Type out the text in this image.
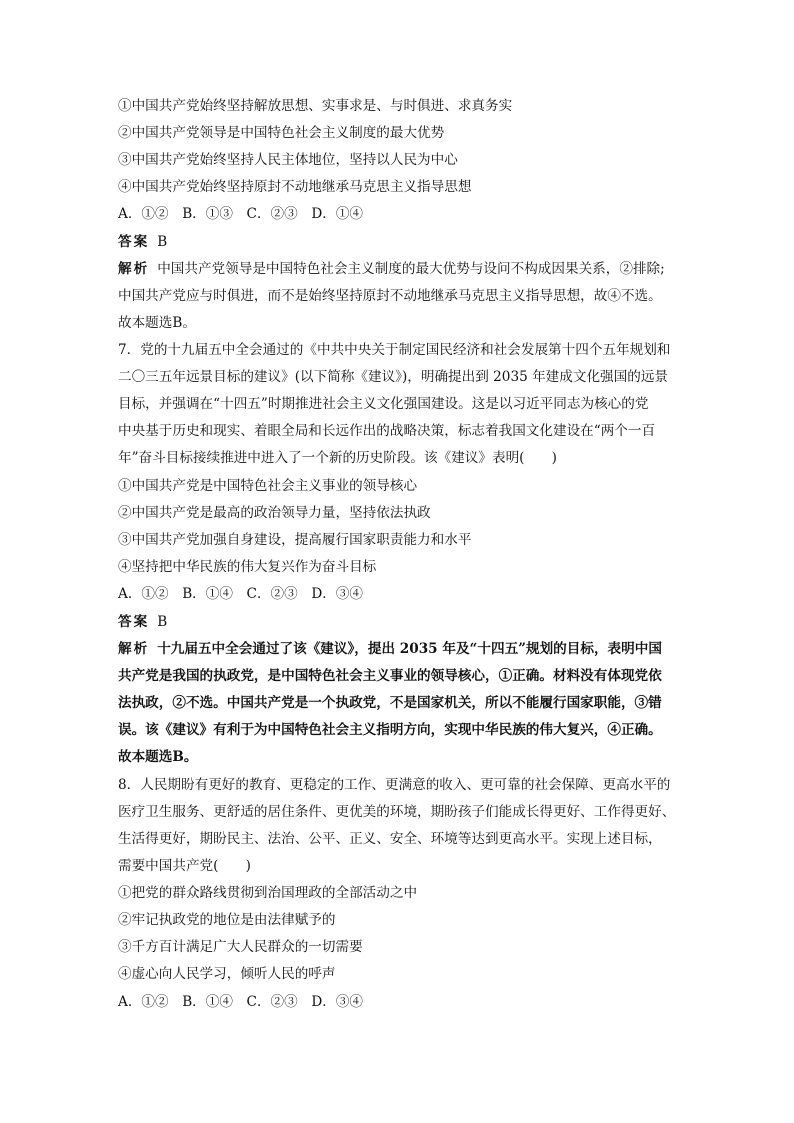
①中国共产党始终坚持解放思想、实事求是、与时俱进、求真务实
②中国共产党领导是中国特色社会主义制度的最大优势
③中国共产党始终坚持人民主体地位，坚持以人民为中心
④中国共产党始终坚持原封不动地继承马克思主义指导思想
A．①②　B．①③　C．②③　D．①④
答案 B
解析 中国共产党领导是中国特色社会主义制度的最大优势与设问不构成因果关系，②排除;
中国共产党应与时俱进，而不是始终坚持原封不动地继承马克思主义指导思想，故④不选。
故本题选B。
7．党的十九届五中全会通过的《中共中央关于制定国民经济和社会发展第十四个五年规划和
二〇三五年远景目标的建议》(以下简称《建议》)，明确提出到 2035 年建成文化强国的远景
目标，并强调在“十四五”时期推进社会主义文化强国建设。这是以习近平同志为核心的党
中央基于历史和现实、着眼全局和长远作出的战略决策，标志着我国文化建设在“两个一百
年”奋斗目标接续推进中进入了一个新的历史阶段。该《建议》表明(　　)
①中国共产党是中国特色社会主义事业的领导核心
②中国共产党是最高的政治领导力量，坚持依法执政
③中国共产党加强自身建设，提高履行国家职责能力和水平
④坚持把中华民族的伟大复兴作为奋斗目标
A．①②　B．①④　C．②③　D．③④
答案 B
解析 十九届五中全会通过了该《建议》，提出 2035 年及“十四五”规划的目标，表明中国
共产党是我国的执政党，是中国特色社会主义事业的领导核心，①正确。材料没有体现党依
法执政，②不选。中国共产党是一个执政党，不是国家机关，所以不能履行国家职能，③错
误。该《建议》有利于为中国特色社会主义指明方向，实现中华民族的伟大复兴，④正确。
故本题选B。
8．人民期盼有更好的教育、更稳定的工作、更满意的收入、更可靠的社会保障、更高水平的
医疗卫生服务、更舒适的居住条件、更优美的环境，期盼孩子们能成长得更好、工作得更好、
生活得更好，期盼民主、法治、公平、正义、安全、环境等达到更高水平。实现上述目标，
需要中国共产党(　　)
①把党的群众路线贯彻到治国理政的全部活动之中
②牢记执政党的地位是由法律赋予的
③千方百计满足广大人民群众的一切需要
④虚心向人民学习，倾听人民的呼声
A．①②　B．①④　C．②③　D．③④
